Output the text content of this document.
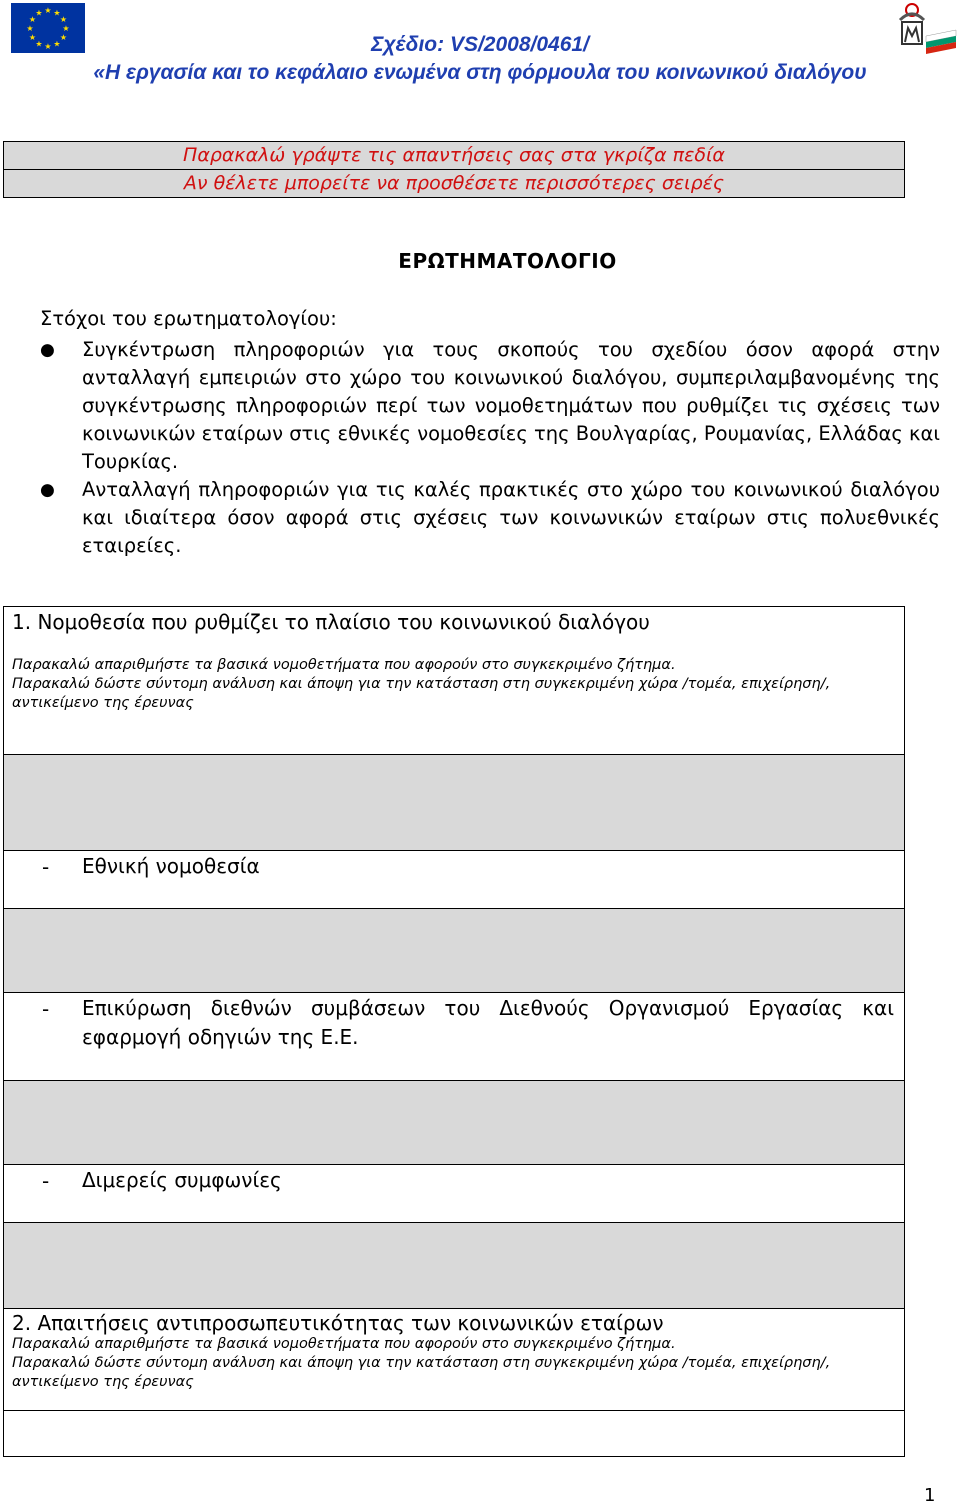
★ ★
★
★
★
★
★
★
★
★
★
★
Σχέδιο: VS/2008/0461/
«Η εργασία και το κεφάλαιο ενωμένα στη φόρμουλα του κοινωνικού διαλόγου
Παρακαλώ γράψτε τις απαντήσεις σας στα γκρίζα πεδία
Αν θέλετε μπορείτε να προσθέσετε περισσότερες σειρές
ΕΡΩΤΗΜΑΤΟΛΟΓΙΟ
Στόχοι του ερωτηματολογίου:
●	Συγκέντρωση πληροφοριών για τους σκοπούς του σχεδίου όσον αφορά στην ανταλλαγή εμπειριών στο χώρο του κοινωνικού διαλόγου, συμπεριλαμβανομένης της συγκέντρωσης πληροφοριών περί των νομοθετημάτων που ρυθμίζει τις σχέσεις των κοινωνικών εταίρων στις εθνικές νομοθεσίες της Βουλγαρίας, Ρουμανίας, Ελλάδας και Τουρκίας.
●	Ανταλλαγή πληροφοριών για τις καλές πρακτικές στο χώρο του κοινωνικού διαλόγου και ιδιαίτερα όσον αφορά στις σχέσεις των κοινωνικών εταίρων στις πολυεθνικές εταιρείες.
1. Νομοθεσία που ρυθμίζει το πλαίσιο του κοινωνικού διαλόγου
Παρακαλώ απαριθμήστε τα βασικά νομοθετήματα που αφορούν στο συγκεκριμένο ζήτημα.
Παρακαλώ δώστε σύντομη ανάλυση και άποψη για την κατάσταση στη συγκεκριμένη χώρα /τομέα, επιχείρηση/, αντικείμενο της έρευνας
- Εθνική νομοθεσία
- Επικύρωση διεθνών συμβάσεων του Διεθνούς Οργανισμού Εργασίας και εφαρμογή οδηγιών της Ε.Ε.
- Διμερείς συμφωνίες
2. Απαιτήσεις αντιπροσωπευτικότητας των κοινωνικών εταίρων
Παρακαλώ απαριθμήστε τα βασικά νομοθετήματα που αφορούν στο συγκεκριμένο ζήτημα.
Παρακαλώ δώστε σύντομη ανάλυση και άποψη για την κατάσταση στη συγκεκριμένη χώρα /τομέα, επιχείρηση/, αντικείμενο της έρευνας
1
